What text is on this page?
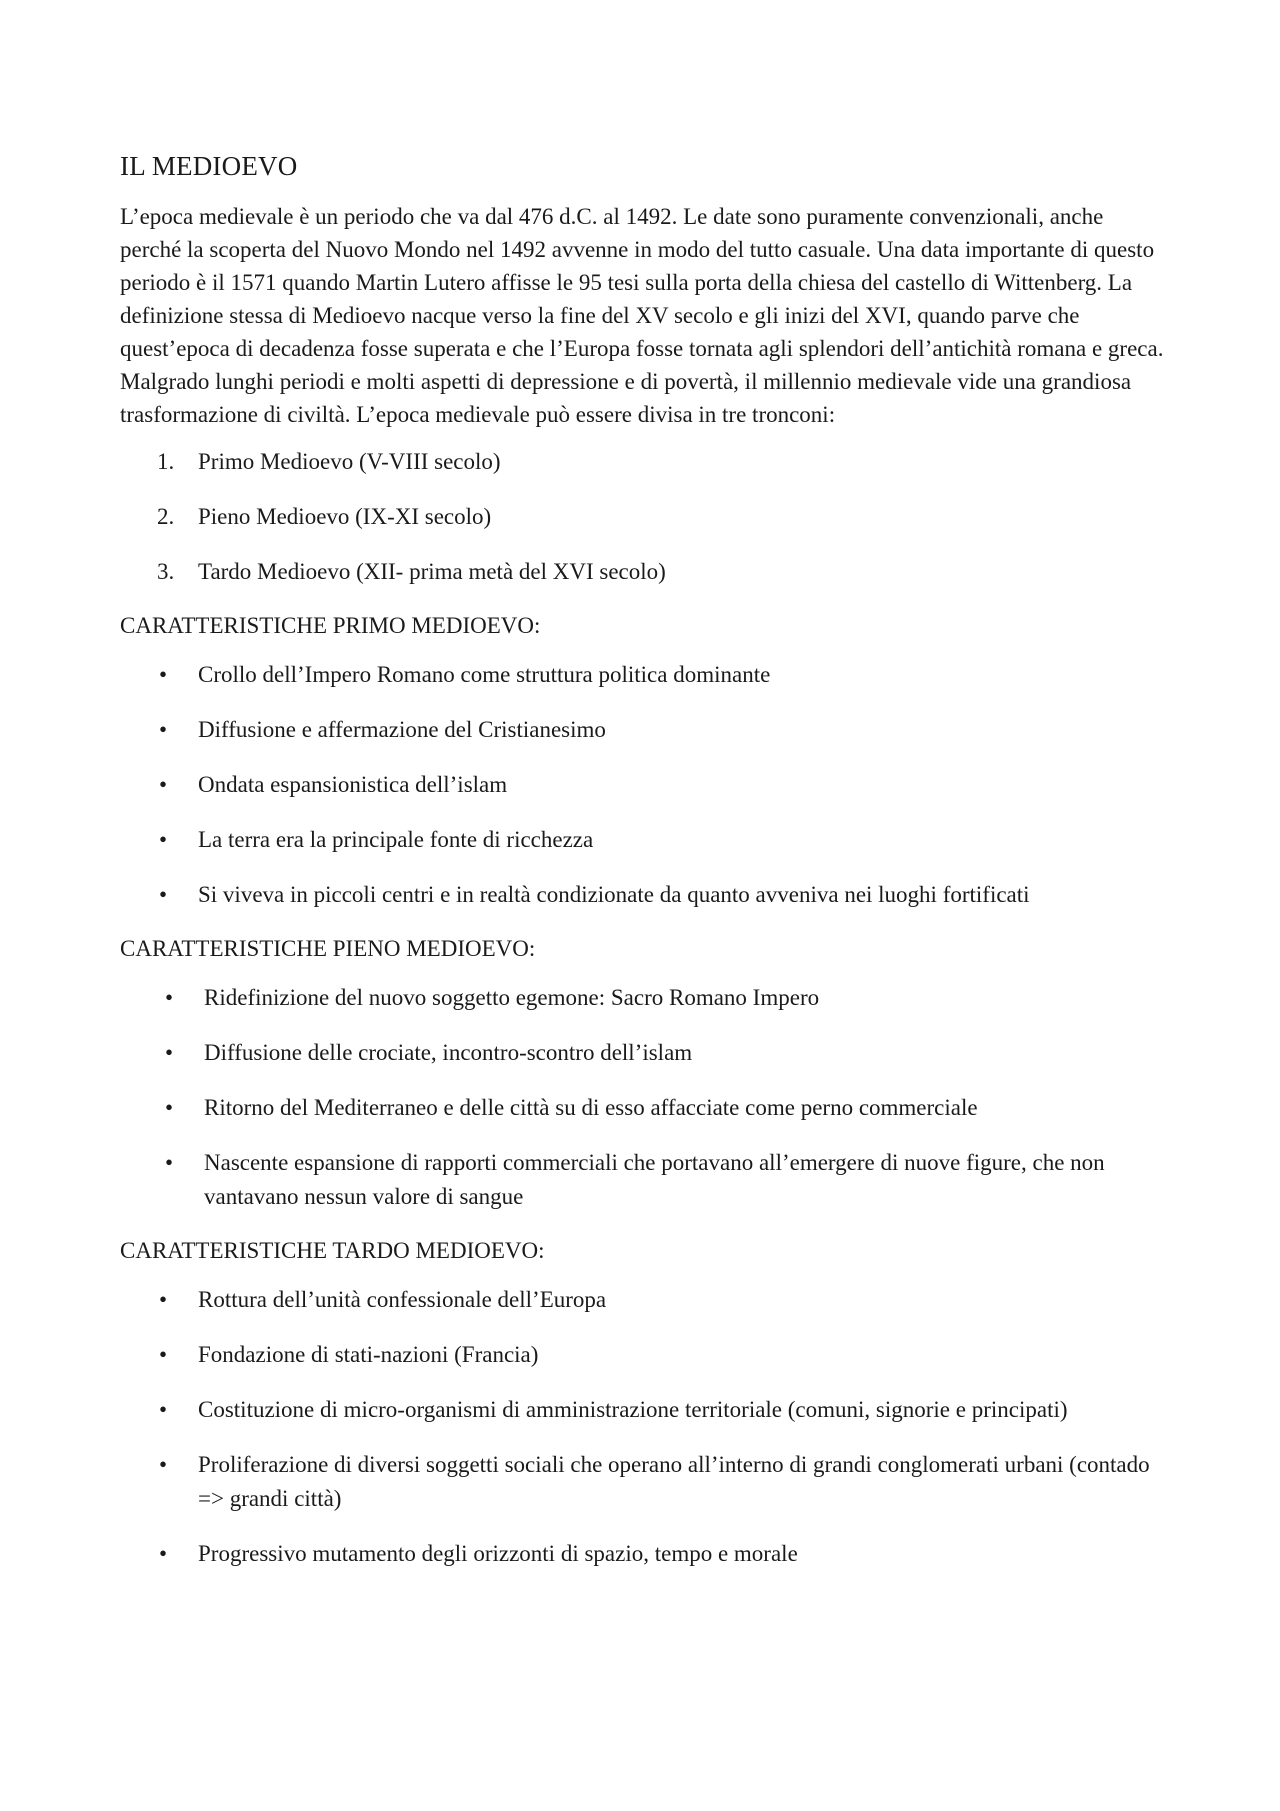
IL MEDIOEVO

L’epoca medievale è un periodo che va dal 476 d.C. al 1492. Le date sono puramente convenzionali, anche perché la scoperta del Nuovo Mondo nel 1492 avvenne in modo del tutto casuale. Una data importante di questo periodo è il 1571 quando Martin Lutero affisse le 95 tesi sulla porta della chiesa del castello di Wittenberg. La definizione stessa di Medioevo nacque verso la fine del XV secolo e gli inizi del XVI, quando parve che quest’epoca di decadenza fosse superata e che l’Europa fosse tornata agli splendori dell’antichità romana e greca. Malgrado lunghi periodi e molti aspetti di depressione e di povertà, il millennio medievale vide una grandiosa trasformazione di civiltà. L’epoca medievale può essere divisa in tre tronconi:

1. Primo Medioevo (V-VIII secolo)
2. Pieno Medioevo (IX-XI secolo)
3. Tardo Medioevo (XII- prima metà del XVI secolo)
CARATTERISTICHE PRIMO MEDIOEVO:
• Crollo dell’Impero Romano come struttura politica dominante
• Diffusione e affermazione del Cristianesimo
• Ondata espansionistica dell’islam
• La terra era la principale fonte di ricchezza
• Si viveva in piccoli centri e in realtà condizionate da quanto avveniva nei luoghi fortificati
CARATTERISTICHE PIENO MEDIOEVO:
• Ridefinizione del nuovo soggetto egemone: Sacro Romano Impero
• Diffusione delle crociate, incontro-scontro dell’islam
• Ritorno del Mediterraneo e delle città su di esso affacciate come perno commerciale
• Nascente espansione di rapporti commerciali che portavano all’emergere di nuove figure, che non vantavano nessun valore di sangue
CARATTERISTICHE TARDO MEDIOEVO:
• Rottura dell’unità confessionale dell’Europa
• Fondazione di stati-nazioni (Francia)
• Costituzione di micro-organismi di amministrazione territoriale (comuni, signorie e principati)
• Proliferazione di diversi soggetti sociali che operano all’interno di grandi conglomerati urbani (contado => grandi città)
• Progressivo mutamento degli orizzonti di spazio, tempo e morale
